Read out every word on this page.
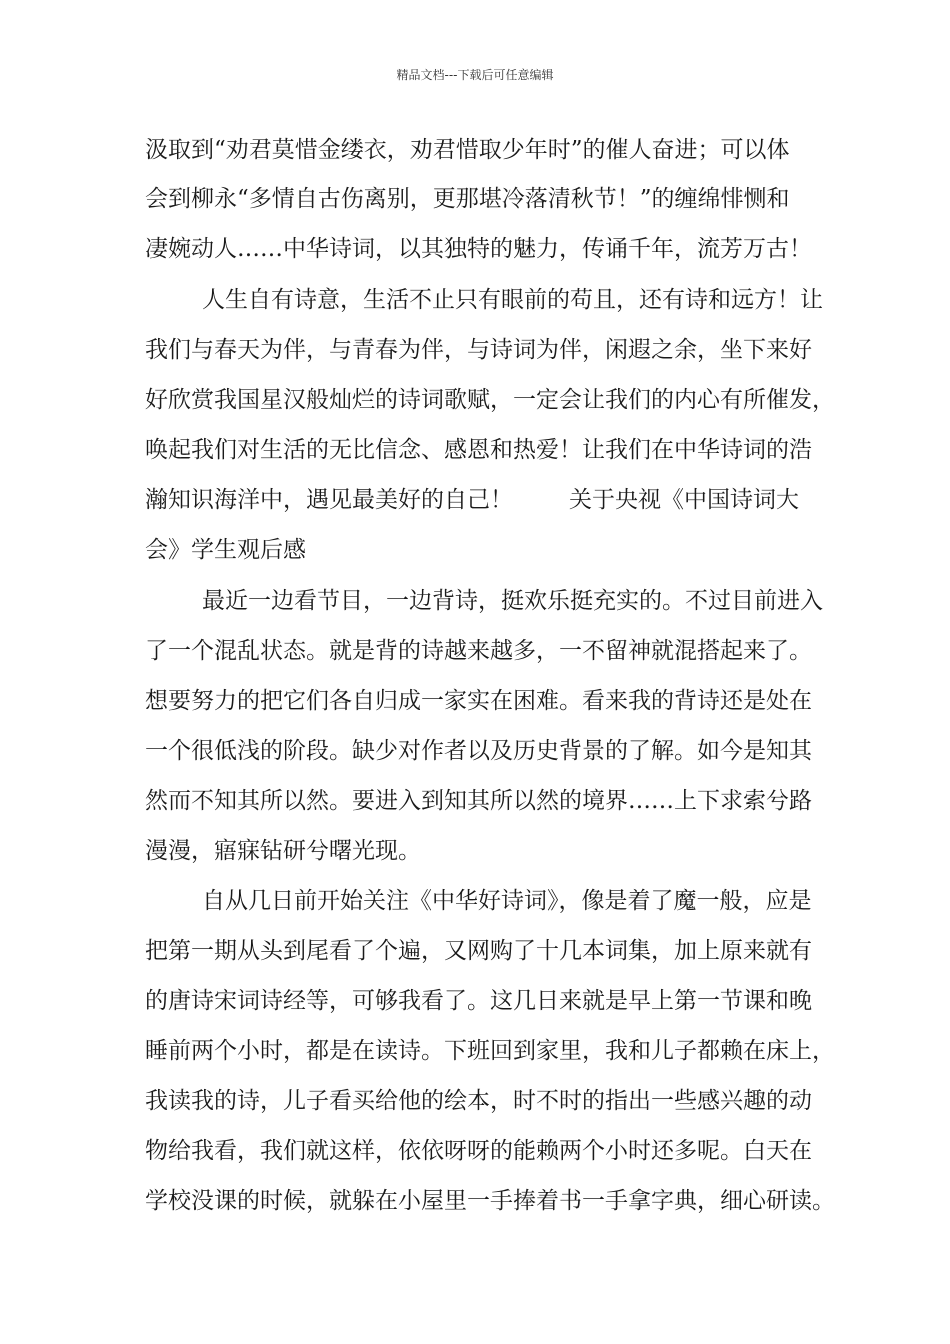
精品文档---下载后可任意编辑
汲取到“劝君莫惜金缕衣，劝君惜取少年时”的催人奋进；可以体
会到柳永“多情自古伤离别，更那堪冷落清秋节！”的缠绵悱恻和
凄婉动人……中华诗词，以其独特的魅力，传诵千年，流芳万古！
人生自有诗意，生活不止只有眼前的苟且，还有诗和远方！让
我们与春天为伴，与青春为伴，与诗词为伴，闲遐之余，坐下来好
好欣赏我国星汉般灿烂的诗词歌赋，一定会让我们的内心有所催发，
唤起我们对生活的无比信念、感恩和热爱！让我们在中华诗词的浩
瀚知识海洋中，遇见最美好的自己！ 关于央视《中国诗词大
会》学生观后感
最近一边看节目，一边背诗，挺欢乐挺充实的。不过目前进入
了一个混乱状态。就是背的诗越来越多，一不留神就混搭起来了。
想要努力的把它们各自归成一家实在困难。看来我的背诗还是处在
一个很低浅的阶段。缺少对作者以及历史背景的了解。如今是知其
然而不知其所以然。要进入到知其所以然的境界……上下求索兮路
漫漫，寤寐钻研兮曙光现。
自从几日前开始关注《中华好诗词》，像是着了魔一般，应是
把第一期从头到尾看了个遍，又网购了十几本词集，加上原来就有
的唐诗宋词诗经等，可够我看了。这几日来就是早上第一节课和晚
睡前两个小时，都是在读诗。下班回到家里，我和儿子都赖在床上，
我读我的诗，儿子看买给他的绘本，时不时的指出一些感兴趣的动
物给我看，我们就这样，依依呀呀的能赖两个小时还多呢。白天在
学校没课的时候，就躲在小屋里一手捧着书一手拿字典，细心研读。
